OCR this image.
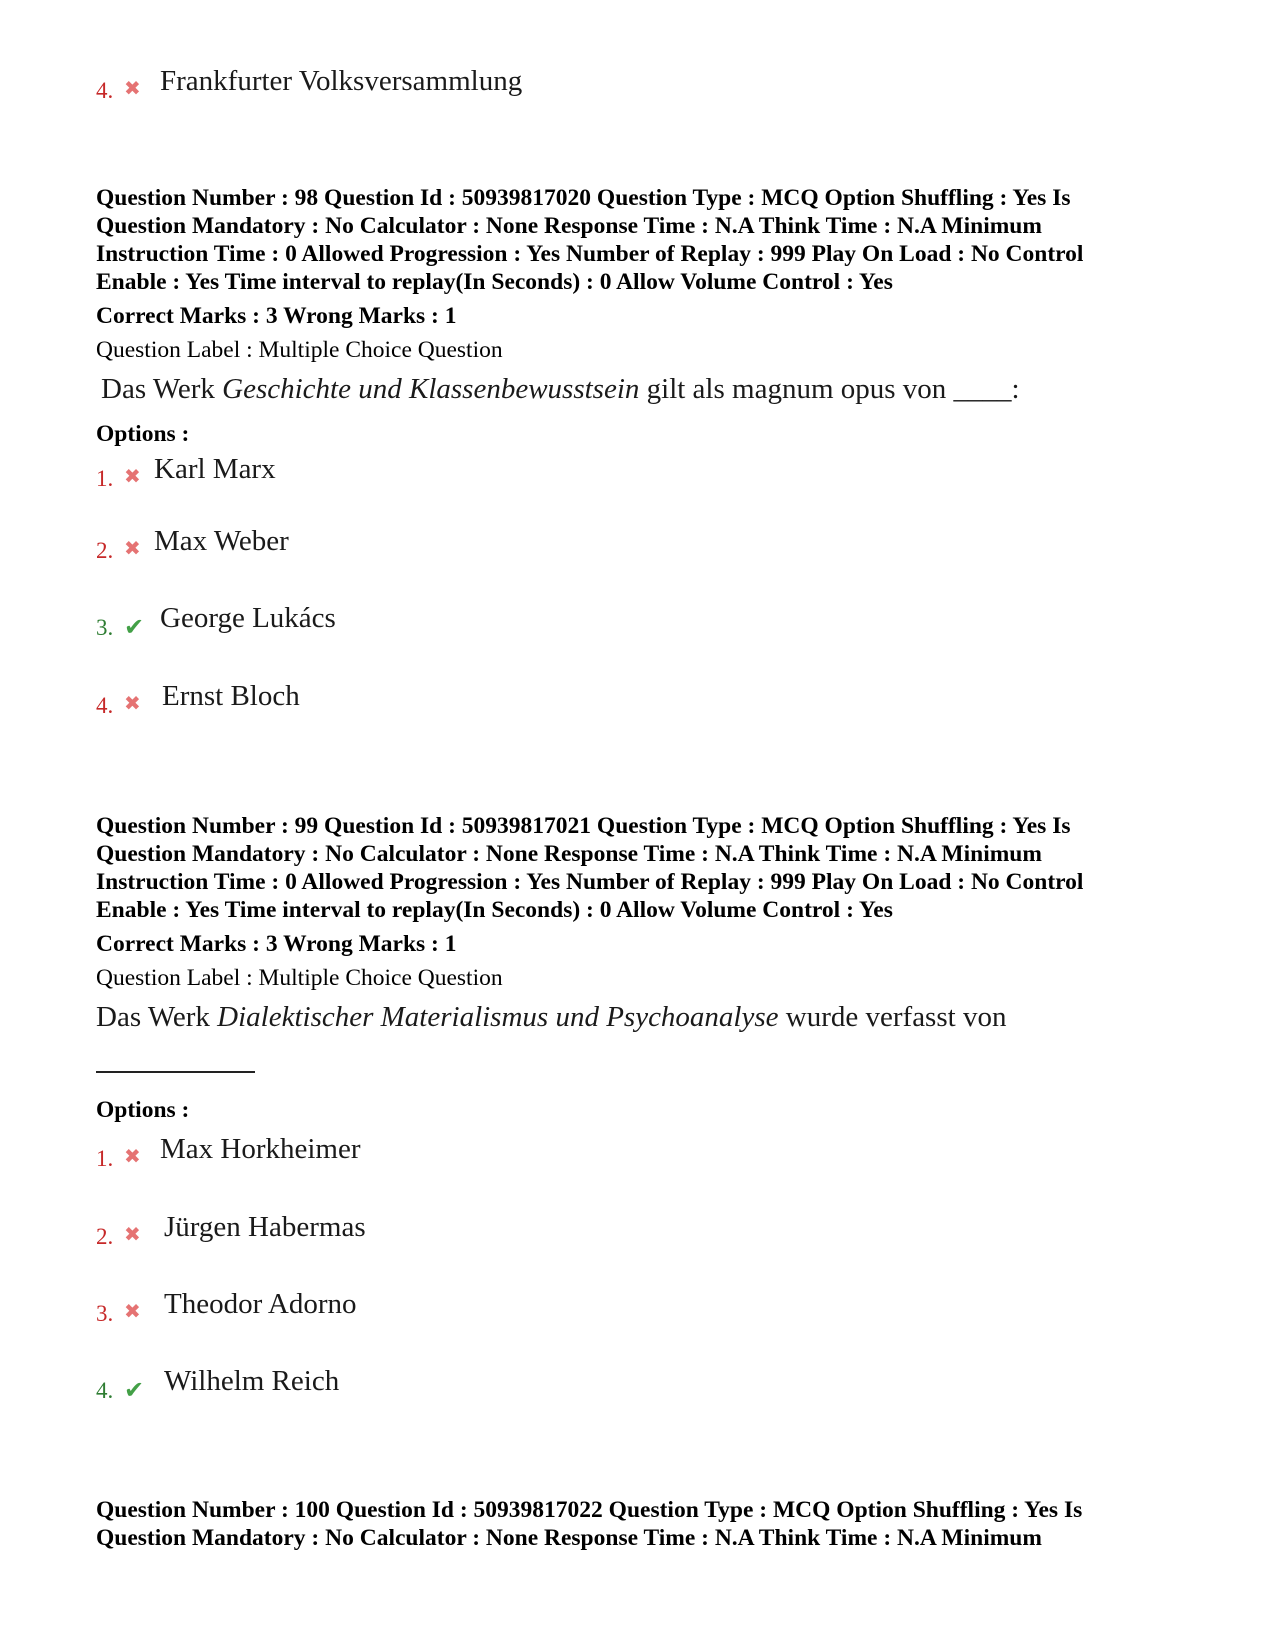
4. ✖ Frankfurter Volksversammlung
Question Number : 98 Question Id : 50939817020 Question Type : MCQ Option Shuffling : Yes Is
Question Mandatory : No Calculator : None Response Time : N.A Think Time : N.A Minimum
Instruction Time : 0 Allowed Progression : Yes Number of Replay : 999 Play On Load : No Control
Enable : Yes Time interval to replay(In Seconds) : 0 Allow Volume Control : Yes
Correct Marks : 3 Wrong Marks : 1
Question Label : Multiple Choice Question
Das Werk Geschichte und Klassenbewusstsein gilt als magnum opus von ____:
Options :
1. ✖ Karl Marx
2. ✖ Max Weber
3. ✔ George Lukács
4. ✖ Ernst Bloch
Question Number : 99 Question Id : 50939817021 Question Type : MCQ Option Shuffling : Yes Is
Question Mandatory : No Calculator : None Response Time : N.A Think Time : N.A Minimum
Instruction Time : 0 Allowed Progression : Yes Number of Replay : 999 Play On Load : No Control
Enable : Yes Time interval to replay(In Seconds) : 0 Allow Volume Control : Yes
Correct Marks : 3 Wrong Marks : 1
Question Label : Multiple Choice Question
Das Werk Dialektischer Materialismus und Psychoanalyse wurde verfasst von
Options :
1. ✖ Max Horkheimer
2. ✖ Jürgen Habermas
3. ✖ Theodor Adorno
4. ✔ Wilhelm Reich
Question Number : 100 Question Id : 50939817022 Question Type : MCQ Option Shuffling : Yes Is
Question Mandatory : No Calculator : None Response Time : N.A Think Time : N.A Minimum
